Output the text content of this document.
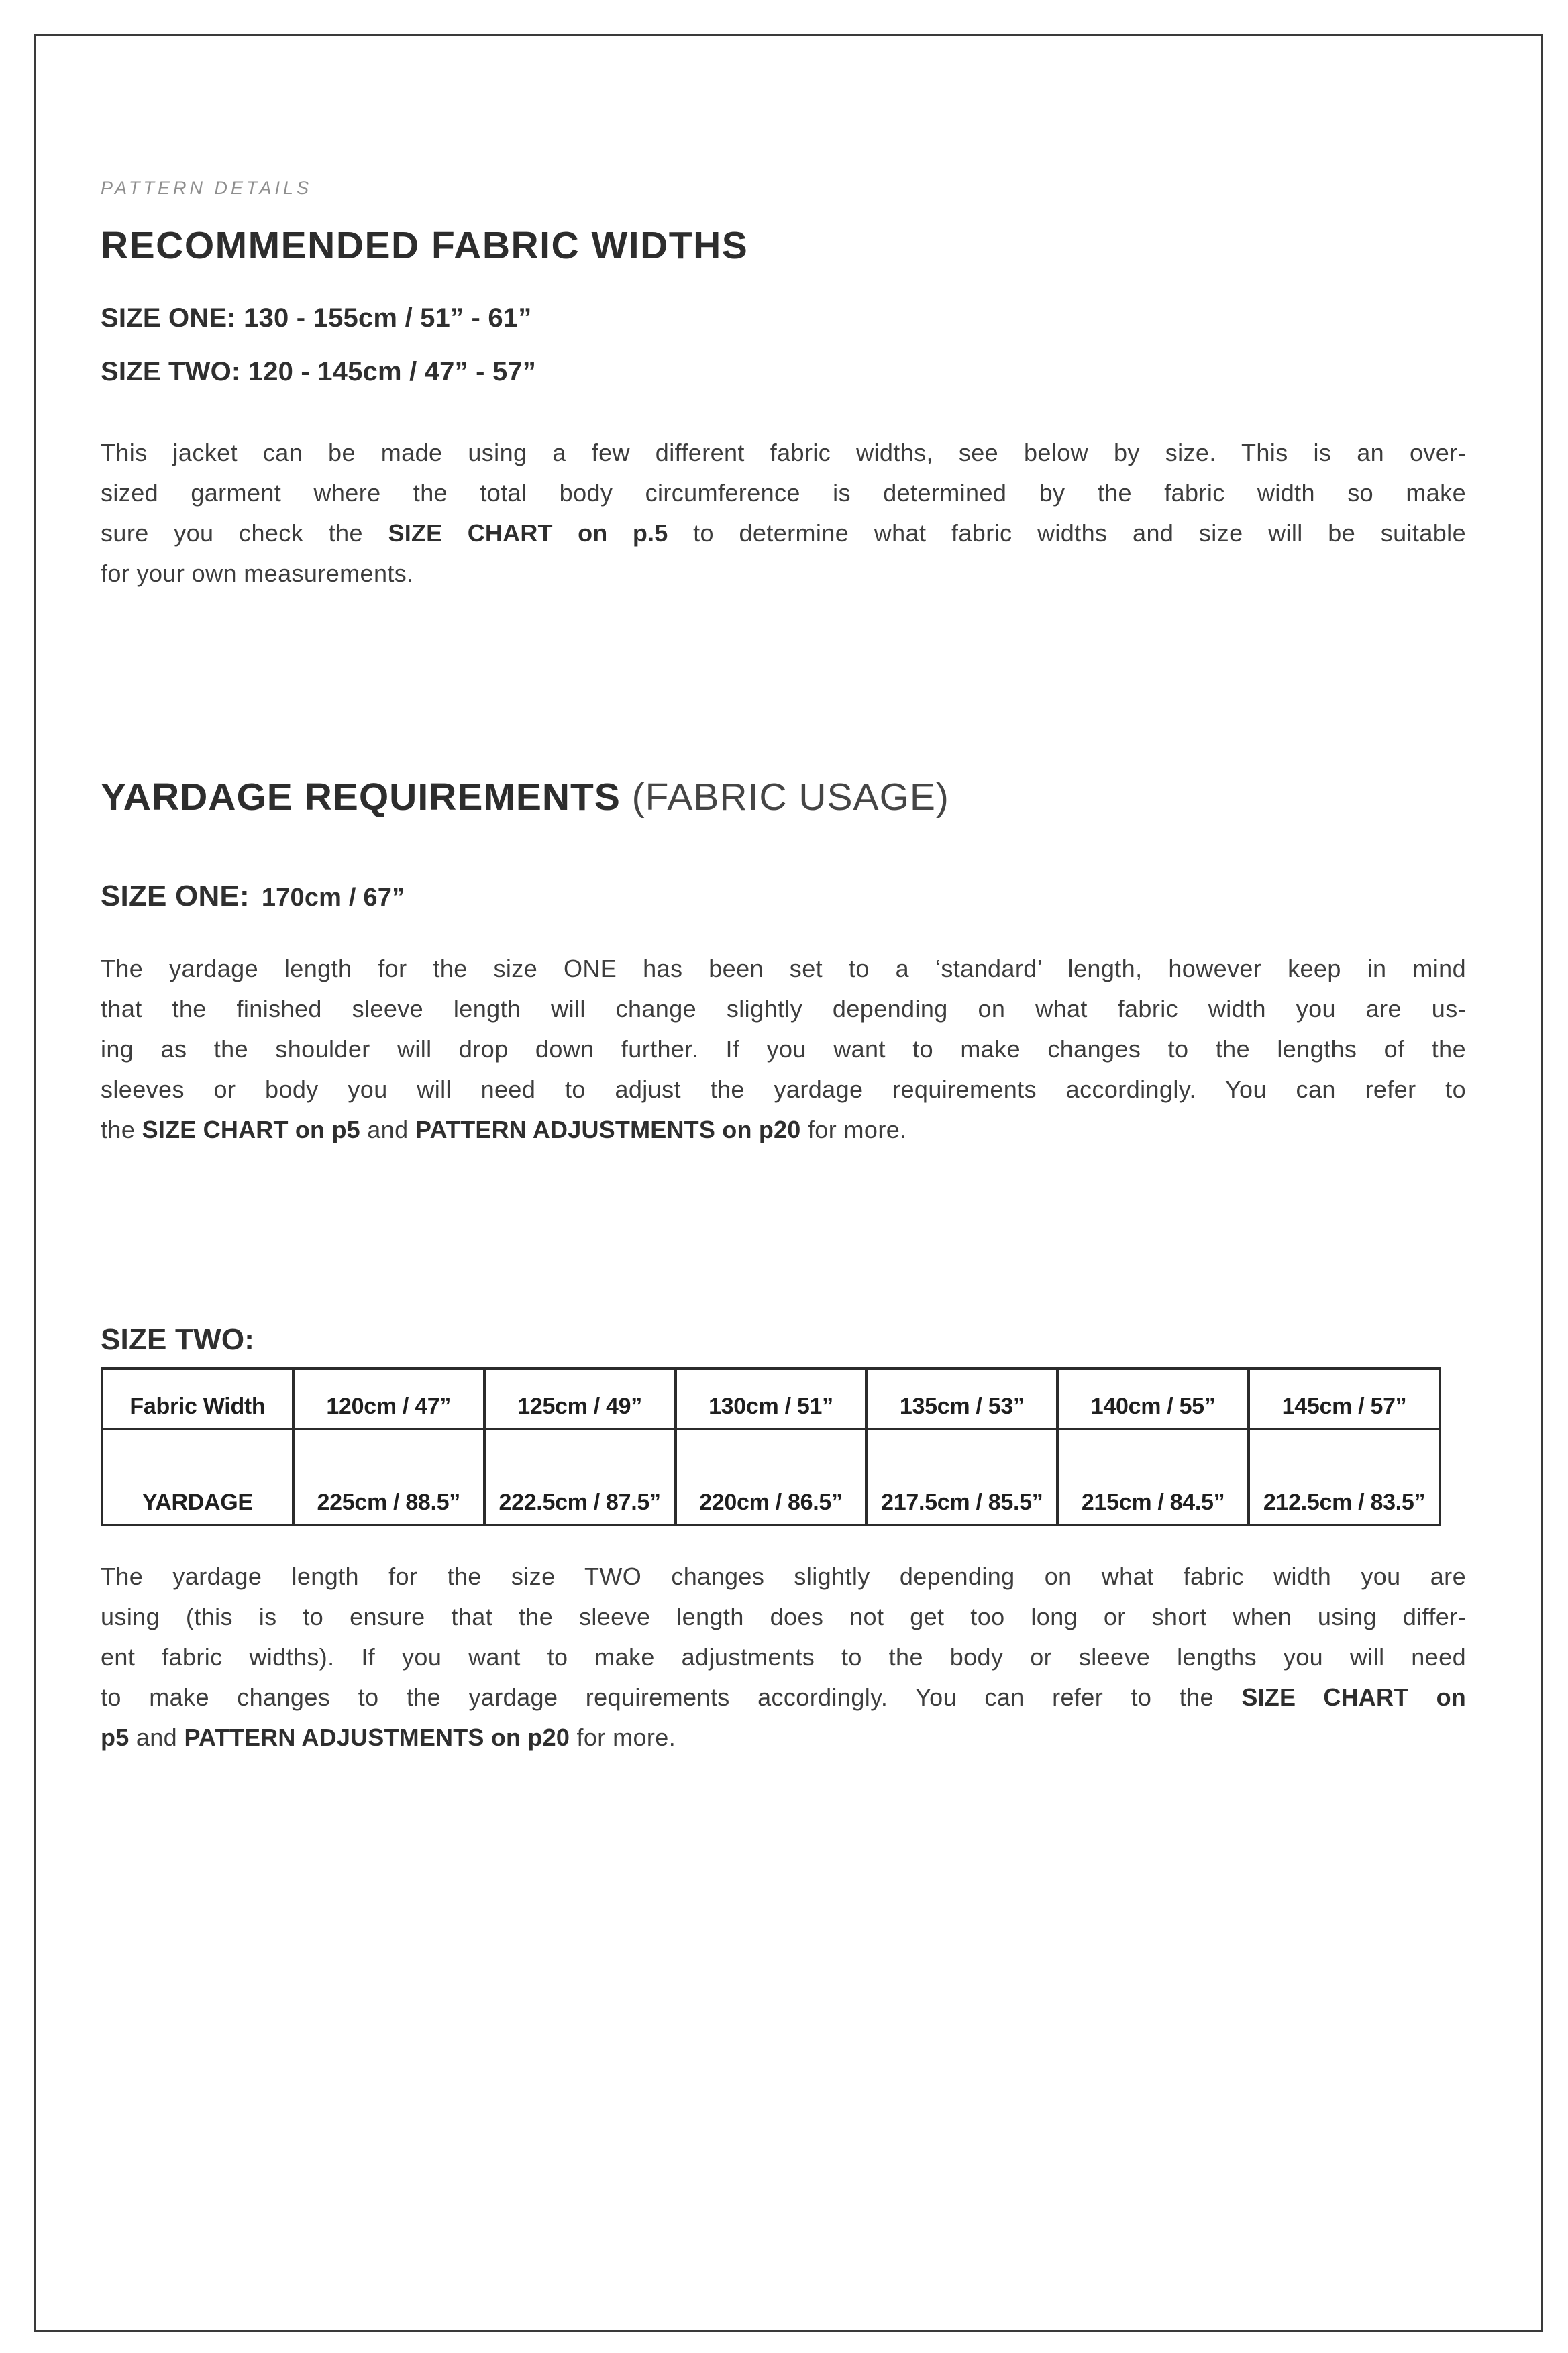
PATTERN DETAILS
RECOMMENDED FABRIC WIDTHS
SIZE ONE: 130 - 155cm / 51” - 61”
SIZE TWO: 120 - 145cm / 47” - 57”
This jacket can be made using a few different fabric widths, see below by size. This is an over-
sized garment where the total body circumference is determined by the fabric width so make
sure you check the SIZE CHART on p.5 to determine what fabric widths and size will be suitable
for your own measurements.
YARDAGE REQUIREMENTS (FABRIC USAGE)
SIZE ONE: 170cm / 67”
The yardage length for the size ONE has been set to a ‘standard’ length, however keep in mind
that the finished sleeve length will change slightly depending on what fabric width you are us-
ing as the shoulder will drop down further. If you want to make changes to the lengths of the
sleeves or body you will need to adjust the yardage requirements accordingly. You can refer to
the SIZE CHART on p5 and PATTERN ADJUSTMENTS on p20 for more.
SIZE TWO:
Fabric Width	120cm / 47”	125cm / 49”	130cm / 51”	135cm / 53”	140cm / 55”	145cm / 57”
YARDAGE	225cm / 88.5”	222.5cm / 87.5”	220cm / 86.5”	217.5cm / 85.5”	215cm / 84.5”	212.5cm / 83.5”
The yardage length for the size TWO changes slightly depending on what fabric width you are
using (this is to ensure that the sleeve length does not get too long or short when using differ-
ent fabric widths). If you want to make adjustments to the body or sleeve lengths you will need
to make changes to the yardage requirements accordingly. You can refer to the SIZE CHART on
p5 and PATTERN ADJUSTMENTS on p20 for more.
